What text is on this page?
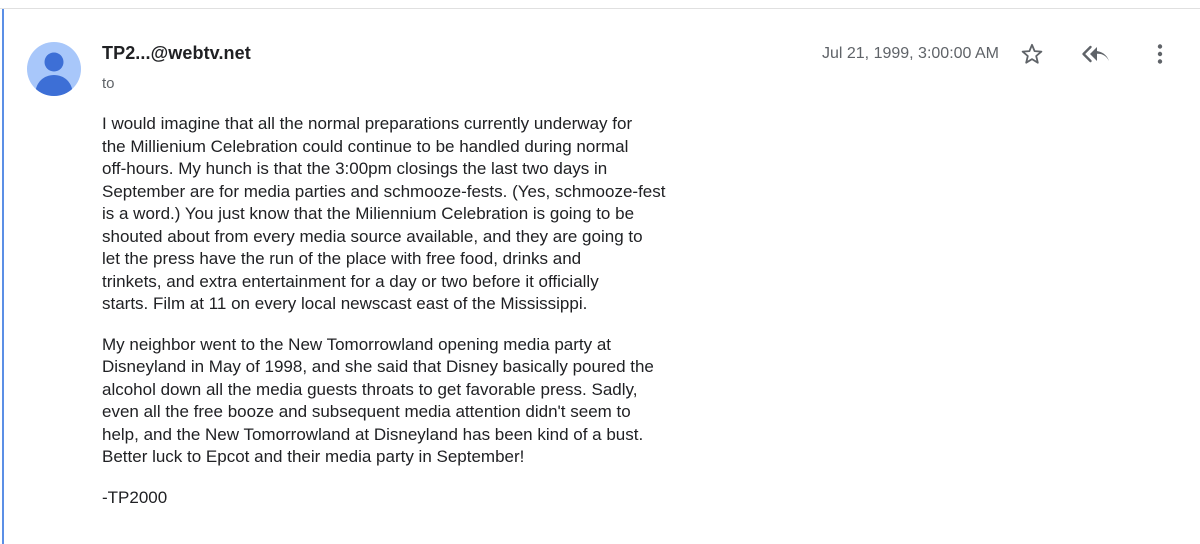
TP2...@webtv.net
to
Jul 21, 1999, 3:00:00 AM

I would imagine that all the normal preparations currently underway for
the Millienium Celebration could continue to be handled during normal
off-hours. My hunch is that the 3:00pm closings the last two days in
September are for media parties and schmooze-fests. (Yes, schmooze-fest
is a word.) You just know that the Miliennium Celebration is going to be
shouted about from every media source available, and they are going to
let the press have the run of the place with free food, drinks and
trinkets, and extra entertainment for a day or two before it officially
starts. Film at 11 on every local newscast east of the Mississippi.

My neighbor went to the New Tomorrowland opening media party at
Disneyland in May of 1998, and she said that Disney basically poured the
alcohol down all the media guests throats to get favorable press. Sadly,
even all the free booze and subsequent media attention didn't seem to
help, and the New Tomorrowland at Disneyland has been kind of a bust.
Better luck to Epcot and their media party in September!

-TP2000
